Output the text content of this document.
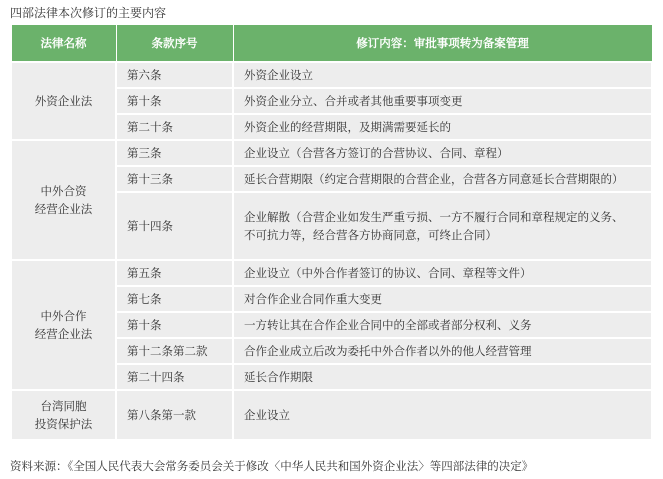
四部法律本次修订的主要内容
法律名称	条款序号	修订内容：审批事项转为备案管理

外资企业法	第六条	外资企业设立
	第十条	外资企业分立、合并或者其他重要事项变更
	第二十条	外资企业的经营期限，及期满需要延长的

中外合资
经营企业法	第三条	企业设立（合营各方签订的合营协议、合同、章程）
	第十三条	延长合营期限（约定合营期限的合营企业，合营各方同意延长合营期限的）
	第十四条	企业解散（合营企业如发生严重亏损、一方不履行合同和章程规定的义务、
不可抗力等，经合营各方协商同意，可终止合同）

中外合作
经营企业法	第五条	企业设立（中外合作者签订的协议、合同、章程等文件）
	第七条	对合作企业合同作重大变更
	第十条	一方转让其在合作企业合同中的全部或者部分权利、义务
	第十二条第二款	合作企业成立后改为委托中外合作者以外的他人经营管理
	第二十四条	延长合作期限

台湾同胞
投资保护法	第八条第一款	企业设立
资料来源：《全国人民代表大会常务委员会关于修改〈中华人民共和国外资企业法〉等四部法律的决定》
